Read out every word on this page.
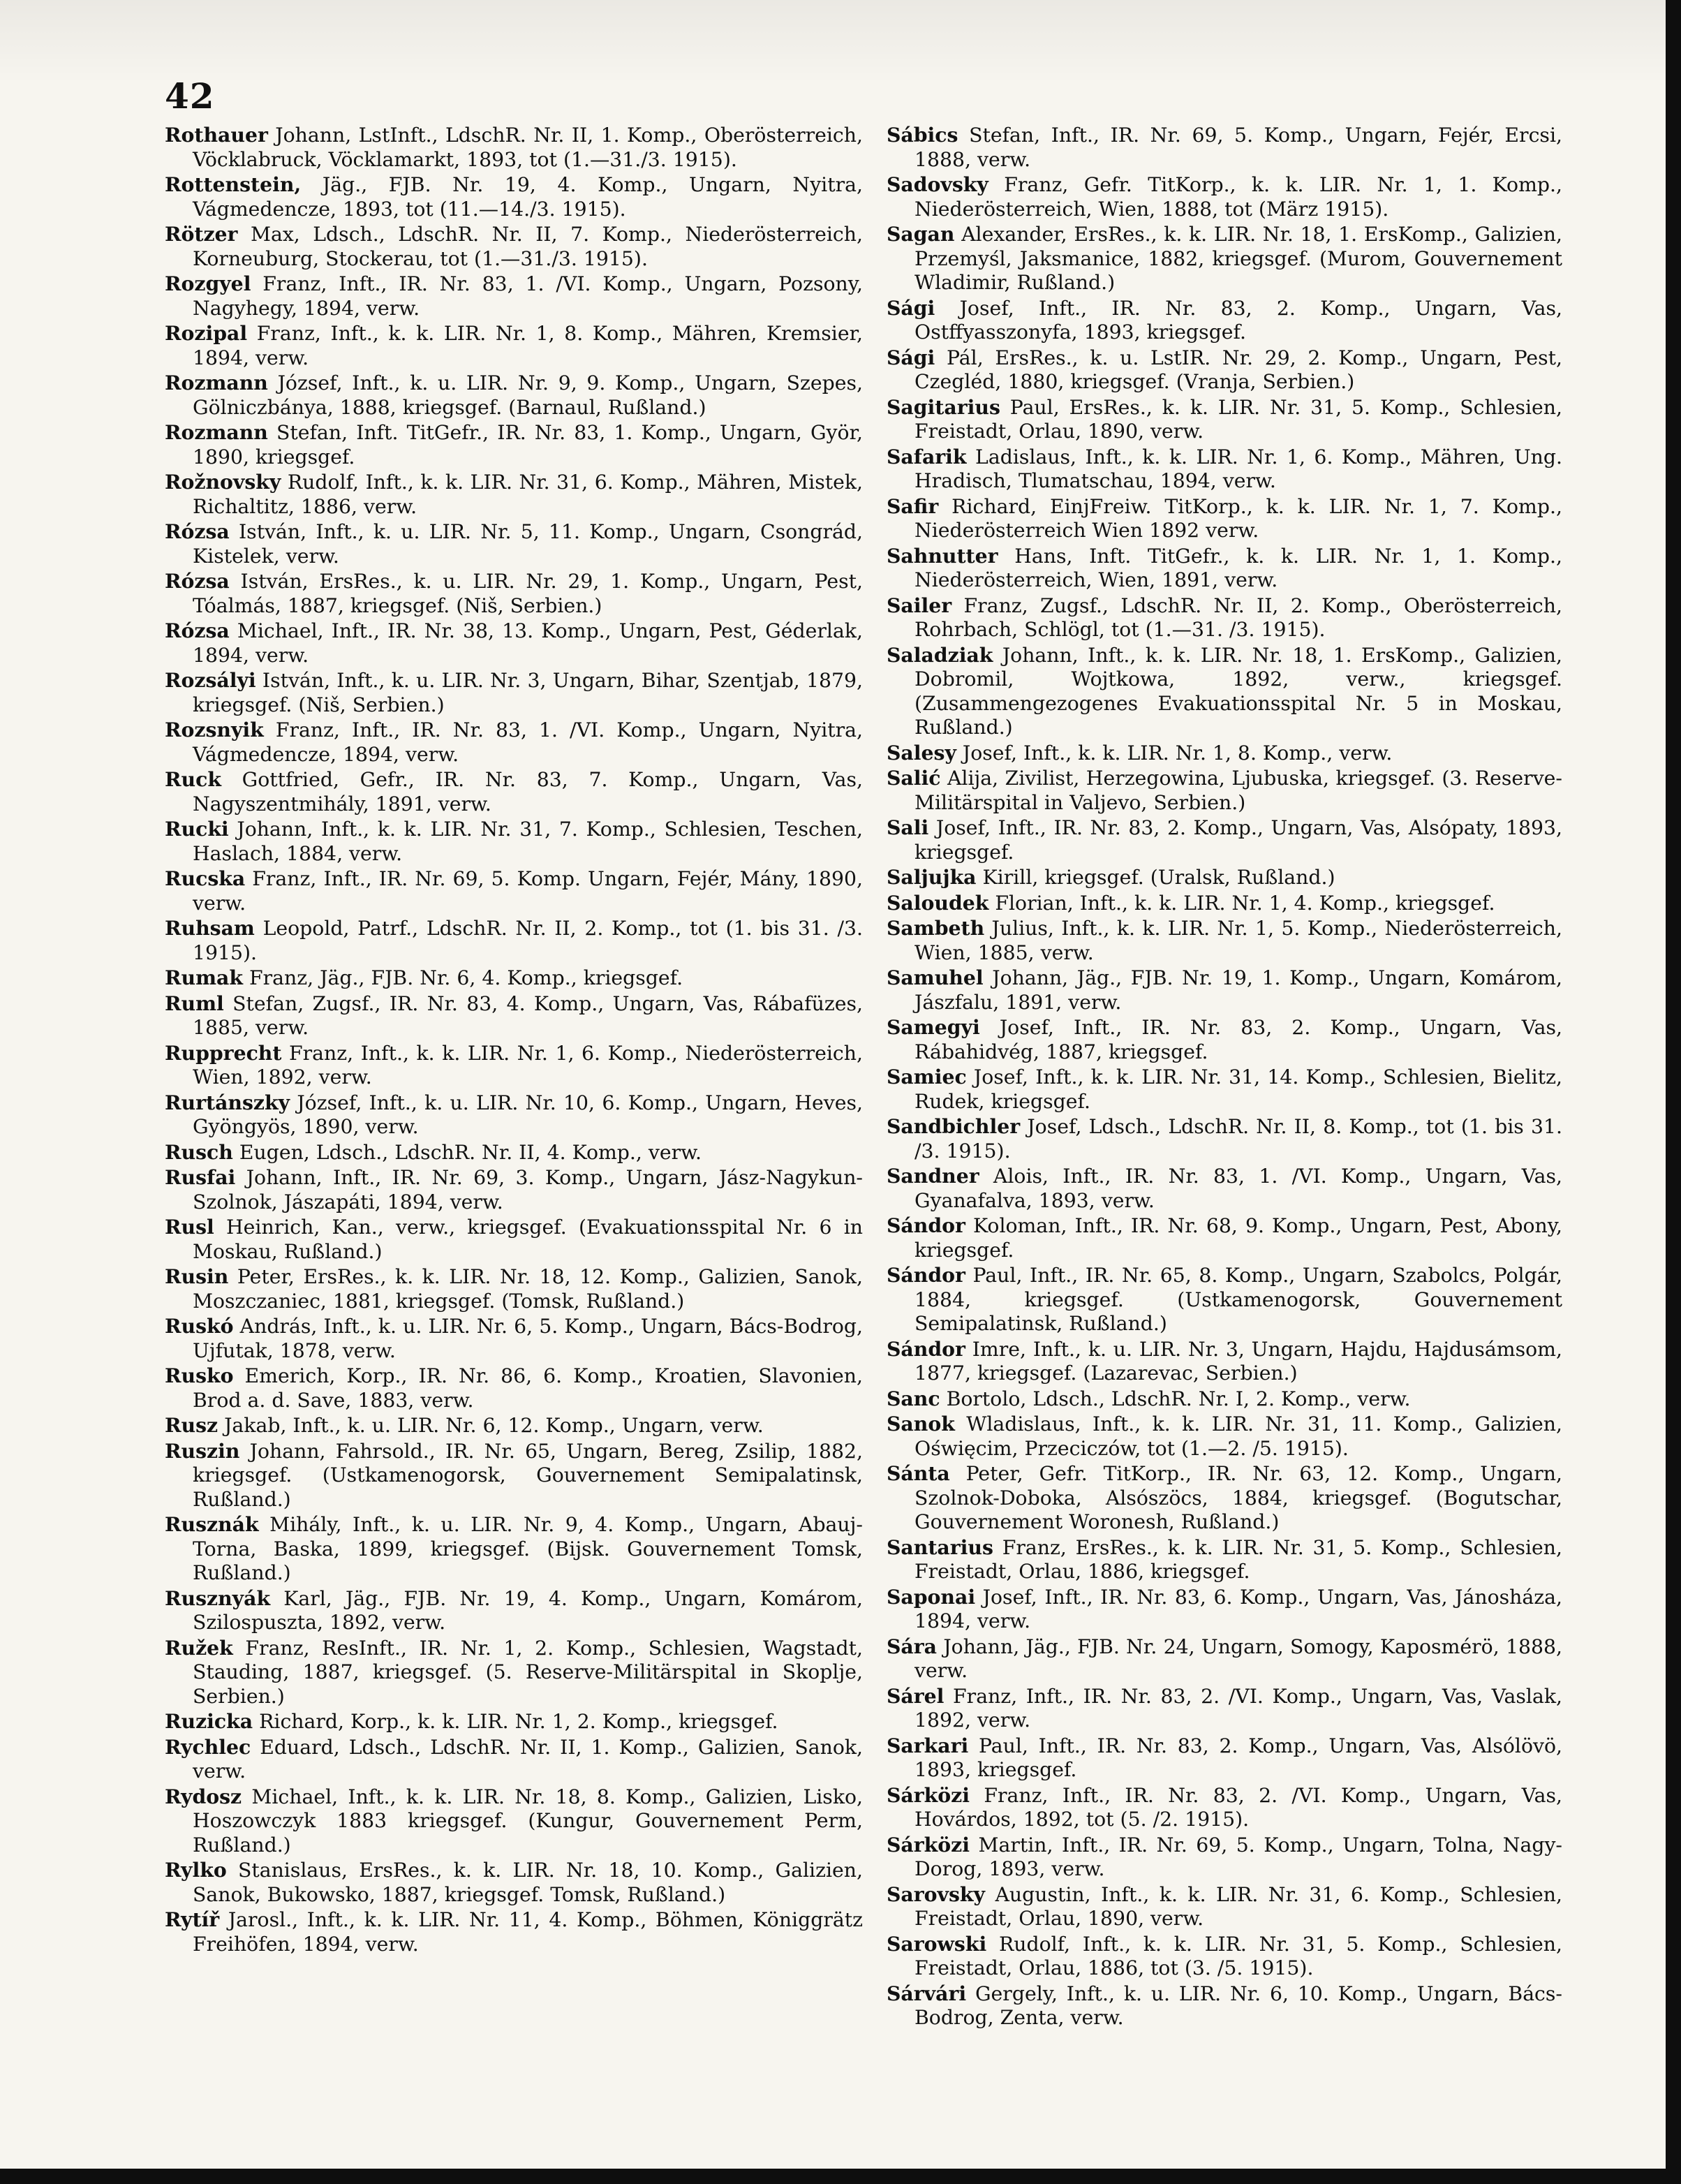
42

Rothauer Johann, LstInft., LdschR. Nr. II, 1. Komp., Oberösterreich, Vöcklabruck, Vöcklamarkt, 1893, tot (1.—31./3. 1915).

Rottenstein, Jäg., FJB. Nr. 19, 4. Komp., Ungarn, Nyitra, Vágmedencze, 1893, tot (11.—14./3. 1915).

Rötzer Max, Ldsch., LdschR. Nr. II, 7. Komp., Niederösterreich, Korneuburg, Stockerau, tot (1.—31./3. 1915).

Rozgyel Franz, Inft., IR. Nr. 83, 1. /VI. Komp., Ungarn, Pozsony, Nagyhegy, 1894, verw.

Rozipal Franz, Inft., k. k. LIR. Nr. 1, 8. Komp., Mähren, Kremsier, 1894, verw.

Rozmann József, Inft., k. u. LIR. Nr. 9, 9. Komp., Ungarn, Szepes, Gölniczbánya, 1888, kriegsgef. (Barnaul, Rußland.)

Rozmann Stefan, Inft. TitGefr., IR. Nr. 83, 1. Komp., Ungarn, Györ, 1890, kriegsgef.

Rožnovsky Rudolf, Inft., k. k. LIR. Nr. 31, 6. Komp., Mähren, Mistek, Richaltitz, 1886, verw.

Rózsa István, Inft., k. u. LIR. Nr. 5, 11. Komp., Ungarn, Csongrád, Kistelek, verw.

Rózsa István, ErsRes., k. u. LIR. Nr. 29, 1. Komp., Ungarn, Pest, Tóalmás, 1887, kriegsgef. (Niš, Serbien.)

Rózsa Michael, Inft., IR. Nr. 38, 13. Komp., Ungarn, Pest, Géderlak, 1894, verw.

Rozsályi István, Inft., k. u. LIR. Nr. 3, Ungarn, Bihar, Szentjab, 1879, kriegsgef. (Niš, Serbien.)

Rozsnyik Franz, Inft., IR. Nr. 83, 1. /VI. Komp., Ungarn, Nyitra, Vágmedencze, 1894, verw.

Ruck Gottfried, Gefr., IR. Nr. 83, 7. Komp., Ungarn, Vas, Nagyszentmihály, 1891, verw.

Rucki Johann, Inft., k. k. LIR. Nr. 31, 7. Komp., Schlesien, Teschen, Haslach, 1884, verw.

Rucska Franz, Inft., IR. Nr. 69, 5. Komp. Ungarn, Fejér, Mány, 1890, verw.

Ruhsam Leopold, Patrf., LdschR. Nr. II, 2. Komp., tot (1. bis 31. /3. 1915).

Rumak Franz, Jäg., FJB. Nr. 6, 4. Komp., kriegsgef.

Ruml Stefan, Zugsf., IR. Nr. 83, 4. Komp., Ungarn, Vas, Rábafüzes, 1885, verw.

Rupprecht Franz, Inft., k. k. LIR. Nr. 1, 6. Komp., Niederösterreich, Wien, 1892, verw.

Rurtánszky József, Inft., k. u. LIR. Nr. 10, 6. Komp., Ungarn, Heves, Gyöngyös, 1890, verw.

Rusch Eugen, Ldsch., LdschR. Nr. II, 4. Komp., verw.

Rusfai Johann, Inft., IR. Nr. 69, 3. Komp., Ungarn, Jász-Nagykun-Szolnok, Jászapáti, 1894, verw.

Rusl Heinrich, Kan., verw., kriegsgef. (Evakuationsspital Nr. 6 in Moskau, Rußland.)

Rusin Peter, ErsRes., k. k. LIR. Nr. 18, 12. Komp., Galizien, Sanok, Moszczaniec, 1881, kriegsgef. (Tomsk, Rußland.)

Ruskó András, Inft., k. u. LIR. Nr. 6, 5. Komp., Ungarn, Bács-Bodrog, Ujfutak, 1878, verw.

Rusko Emerich, Korp., IR. Nr. 86, 6. Komp., Kroatien, Slavonien, Brod a. d. Save, 1883, verw.

Rusz Jakab, Inft., k. u. LIR. Nr. 6, 12. Komp., Ungarn, verw.

Ruszin Johann, Fahrsold., IR. Nr. 65, Ungarn, Bereg, Zsilip, 1882, kriegsgef. (Ustkamenogorsk, Gouvernement Semipalatinsk, Rußland.)

Rusznák Mihály, Inft., k. u. LIR. Nr. 9, 4. Komp., Ungarn, Abauj-Torna, Baska, 1899, kriegsgef. (Bijsk. Gouvernement Tomsk, Rußland.)

Rusznyák Karl, Jäg., FJB. Nr. 19, 4. Komp., Ungarn, Komárom, Szilospuszta, 1892, verw.

Ružek Franz, ResInft., IR. Nr. 1, 2. Komp., Schlesien, Wagstadt, Stauding, 1887, kriegsgef. (5. Reserve-Militärspital in Skoplje, Serbien.)

Ruzicka Richard, Korp., k. k. LIR. Nr. 1, 2. Komp., kriegsgef.

Rychlec Eduard, Ldsch., LdschR. Nr. II, 1. Komp., Galizien, Sanok, verw.

Rydosz Michael, Inft., k. k. LIR. Nr. 18, 8. Komp., Galizien, Lisko, Hoszowczyk 1883 kriegsgef. (Kungur, Gouvernement Perm, Rußland.)

Rylko Stanislaus, ErsRes., k. k. LIR. Nr. 18, 10. Komp., Galizien, Sanok, Bukowsko, 1887, kriegsgef. Tomsk, Rußland.)

Rytíř Jarosl., Inft., k. k. LIR. Nr. 11, 4. Komp., Böhmen, Königgrätz Freihöfen, 1894, verw.

Sábics Stefan, Inft., IR. Nr. 69, 5. Komp., Ungarn, Fejér, Ercsi, 1888, verw.

Sadovsky Franz, Gefr. TitKorp., k. k. LIR. Nr. 1, 1. Komp., Niederösterreich, Wien, 1888, tot (März 1915).

Sagan Alexander, ErsRes., k. k. LIR. Nr. 18, 1. ErsKomp., Galizien, Przemyśl, Jaksmanice, 1882, kriegsgef. (Murom, Gouvernement Wladimir, Rußland.)

Sági Josef, Inft., IR. Nr. 83, 2. Komp., Ungarn, Vas, Ostffyasszonyfa, 1893, kriegsgef.

Sági Pál, ErsRes., k. u. LstIR. Nr. 29, 2. Komp., Ungarn, Pest, Czegléd, 1880, kriegsgef. (Vranja, Serbien.)

Sagitarius Paul, ErsRes., k. k. LIR. Nr. 31, 5. Komp., Schlesien, Freistadt, Orlau, 1890, verw.

Safarik Ladislaus, Inft., k. k. LIR. Nr. 1, 6. Komp., Mähren, Ung. Hradisch, Tlumatschau, 1894, verw.

Safir Richard, EinjFreiw. TitKorp., k. k. LIR. Nr. 1, 7. Komp., Niederösterreich Wien 1892 verw.

Sahnutter Hans, Inft. TitGefr., k. k. LIR. Nr. 1, 1. Komp., Niederösterreich, Wien, 1891, verw.

Sailer Franz, Zugsf., LdschR. Nr. II, 2. Komp., Oberösterreich, Rohrbach, Schlögl, tot (1.—31. /3. 1915).

Saladziak Johann, Inft., k. k. LIR. Nr. 18, 1. ErsKomp., Galizien, Dobromil, Wojtkowa, 1892, verw., kriegsgef. (Zusammengezogenes Evakuationsspital Nr. 5 in Moskau, Rußland.)

Salesy Josef, Inft., k. k. LIR. Nr. 1, 8. Komp., verw.

Salić Alija, Zivilist, Herzegowina, Ljubuska, kriegsgef. (3. Reserve-Militärspital in Valjevo, Serbien.)

Sali Josef, Inft., IR. Nr. 83, 2. Komp., Ungarn, Vas, Alsópaty, 1893, kriegsgef.

Saljujka Kirill, kriegsgef. (Uralsk, Rußland.)

Saloudek Florian, Inft., k. k. LIR. Nr. 1, 4. Komp., kriegsgef.

Sambeth Julius, Inft., k. k. LIR. Nr. 1, 5. Komp., Niederösterreich, Wien, 1885, verw.

Samuhel Johann, Jäg., FJB. Nr. 19, 1. Komp., Ungarn, Komárom, Jászfalu, 1891, verw.

Samegyi Josef, Inft., IR. Nr. 83, 2. Komp., Ungarn, Vas, Rábahidvég, 1887, kriegsgef.

Samiec Josef, Inft., k. k. LIR. Nr. 31, 14. Komp., Schlesien, Bielitz, Rudek, kriegsgef.

Sandbichler Josef, Ldsch., LdschR. Nr. II, 8. Komp., tot (1. bis 31. /3. 1915).

Sandner Alois, Inft., IR. Nr. 83, 1. /VI. Komp., Ungarn, Vas, Gyanafalva, 1893, verw.

Sándor Koloman, Inft., IR. Nr. 68, 9. Komp., Ungarn, Pest, Abony, kriegsgef.

Sándor Paul, Inft., IR. Nr. 65, 8. Komp., Ungarn, Szabolcs, Polgár, 1884, kriegsgef. (Ustkamenogorsk, Gouvernement Semipalatinsk, Rußland.)

Sándor Imre, Inft., k. u. LIR. Nr. 3, Ungarn, Hajdu, Hajdusámsom, 1877, kriegsgef. (Lazarevac, Serbien.)

Sanc Bortolo, Ldsch., LdschR. Nr. I, 2. Komp., verw.

Sanok Wladislaus, Inft., k. k. LIR. Nr. 31, 11. Komp., Galizien, Oświęcim, Przeciczów, tot (1.—2. /5. 1915).

Sánta Peter, Gefr. TitKorp., IR. Nr. 63, 12. Komp., Ungarn, Szolnok-Doboka, Alsószöcs, 1884, kriegsgef. (Bogutschar, Gouvernement Woronesh, Rußland.)

Santarius Franz, ErsRes., k. k. LIR. Nr. 31, 5. Komp., Schlesien, Freistadt, Orlau, 1886, kriegsgef.

Saponai Josef, Inft., IR. Nr. 83, 6. Komp., Ungarn, Vas, Jánosháza, 1894, verw.

Sára Johann, Jäg., FJB. Nr. 24, Ungarn, Somogy, Kaposmérö, 1888, verw.

Sárel Franz, Inft., IR. Nr. 83, 2. /VI. Komp., Ungarn, Vas, Vaslak, 1892, verw.

Sarkari Paul, Inft., IR. Nr. 83, 2. Komp., Ungarn, Vas, Alsólövö, 1893, kriegsgef.

Sárközi Franz, Inft., IR. Nr. 83, 2. /VI. Komp., Ungarn, Vas, Hovárdos, 1892, tot (5. /2. 1915).

Sárközi Martin, Inft., IR. Nr. 69, 5. Komp., Ungarn, Tolna, Nagy-Dorog, 1893, verw.

Sarovsky Augustin, Inft., k. k. LIR. Nr. 31, 6. Komp., Schlesien, Freistadt, Orlau, 1890, verw.

Sarowski Rudolf, Inft., k. k. LIR. Nr. 31, 5. Komp., Schlesien, Freistadt, Orlau, 1886, tot (3. /5. 1915).

Sárvári Gergely, Inft., k. u. LIR. Nr. 6, 10. Komp., Ungarn, Bács-Bodrog, Zenta, verw.
